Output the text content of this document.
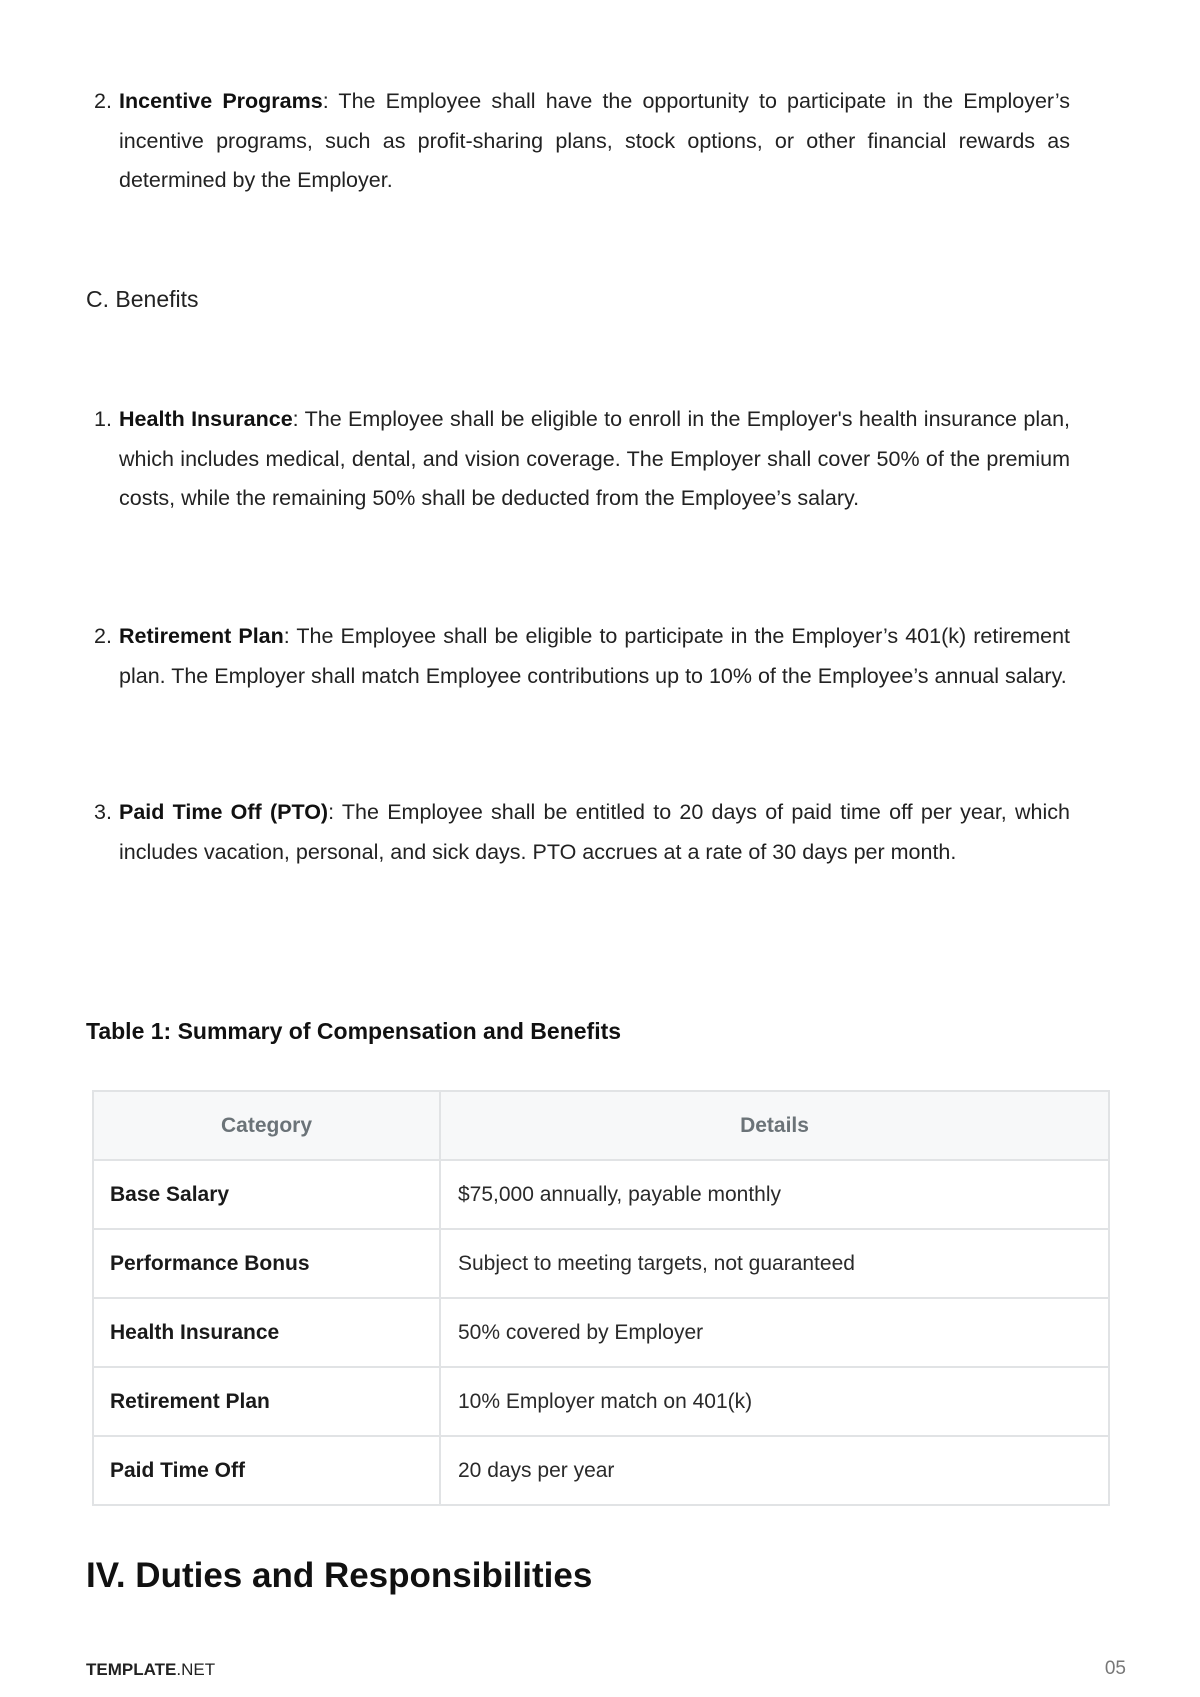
2. Incentive Programs: The Employee shall have the opportunity to participate in the Employer’s incentive programs, such as profit-sharing plans, stock options, or other financial rewards as determined by the Employer.
C. Benefits
1. Health Insurance: The Employee shall be eligible to enroll in the Employer's health insurance plan, which includes medical, dental, and vision coverage. The Employer shall cover 50% of the premium costs, while the remaining 50% shall be deducted from the Employee’s salary.
2. Retirement Plan: The Employee shall be eligible to participate in the Employer’s 401(k) retirement plan. The Employer shall match Employee contributions up to 10% of the Employee’s annual salary.
3. Paid Time Off (PTO): The Employee shall be entitled to 20 days of paid time off per year, which includes vacation, personal, and sick days. PTO accrues at a rate of 30 days per month.
Table 1: Summary of Compensation and Benefits
Category	Details
Base Salary	$75,000 annually, payable monthly
Performance Bonus	Subject to meeting targets, not guaranteed
Health Insurance	50% covered by Employer
Retirement Plan	10% Employer match on 401(k)
Paid Time Off	20 days per year
IV. Duties and Responsibilities
TEMPLATE.NET	05
